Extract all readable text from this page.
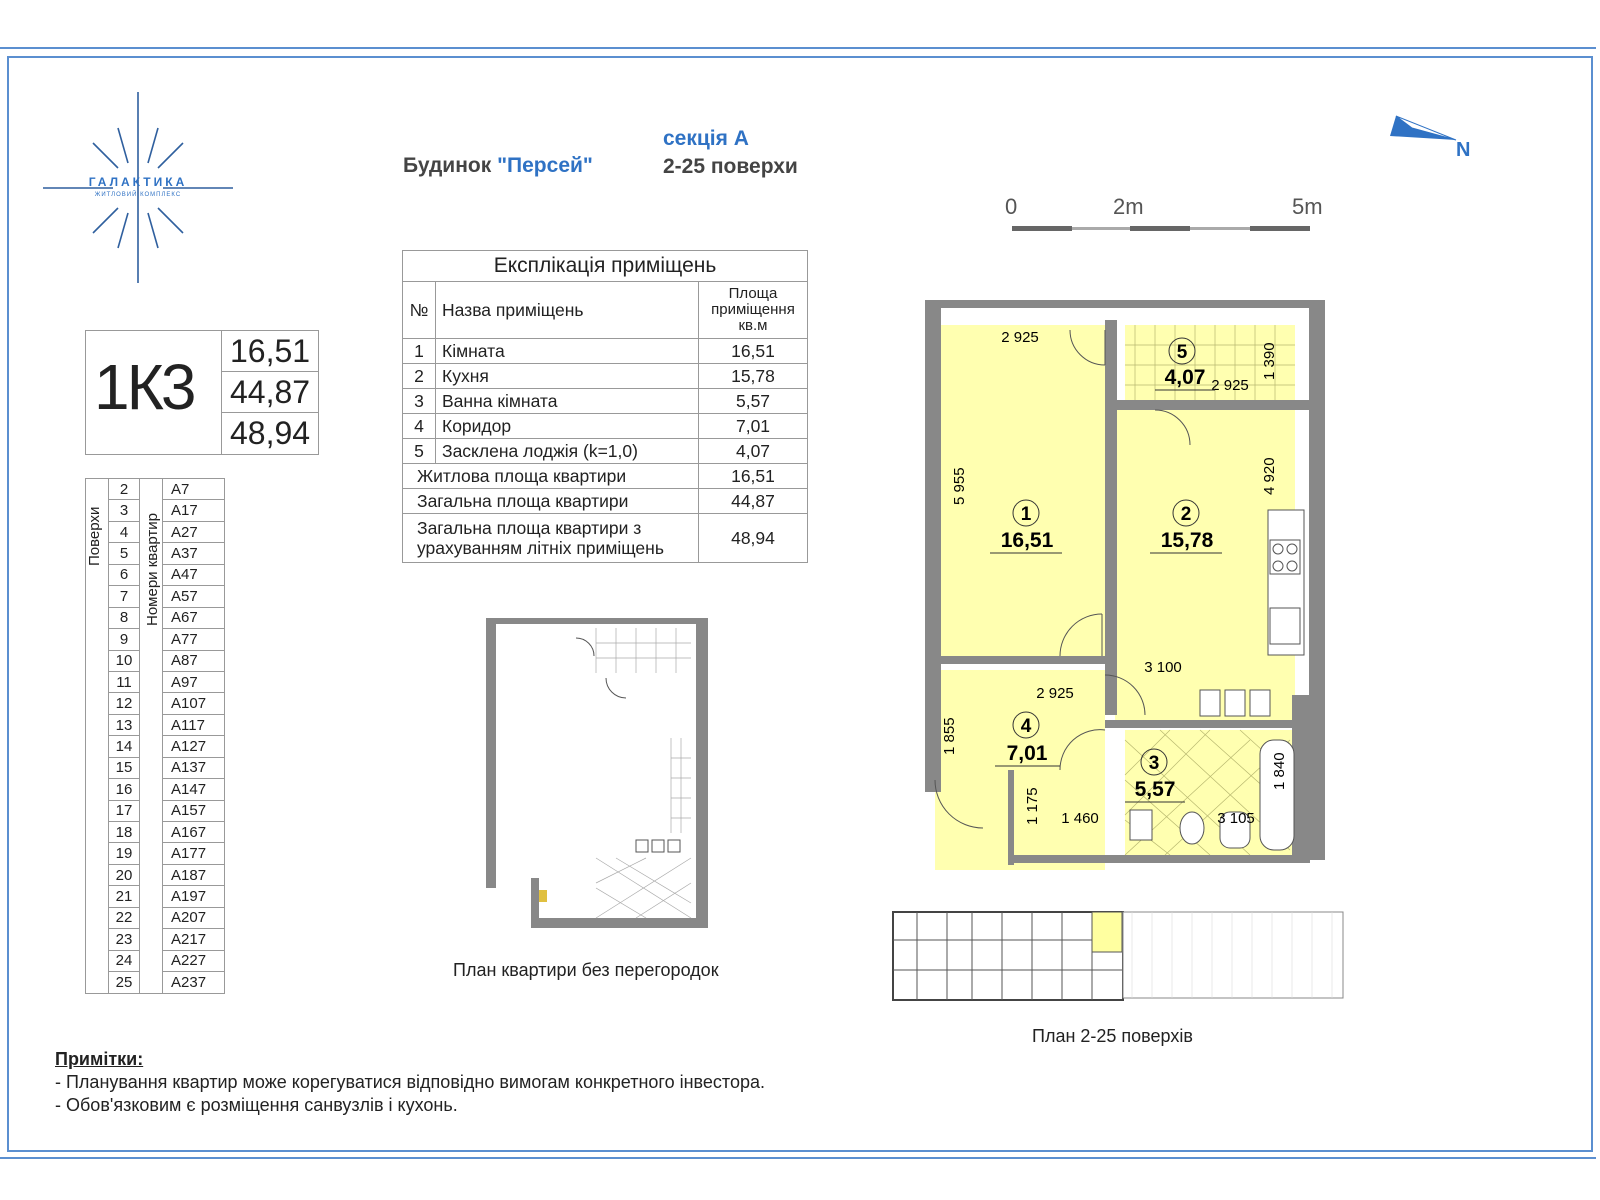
ГАЛАКТИКА
ЖИТЛОВИЙ КОМПЛЕКС
Будинок "Персей"
секція А
2-25 поверхи
N
0	2m	5m
1К3 16,51
44,87
48,94
Експлікація приміщень		
№	Назва приміщень	Площа приміщення кв.м
1	Кімната	16,51
2	Кухня	15,78
3	Ванна кімната	5,57
4	Коридор	7,01
5	Засклена лоджія (k=1,0)	4,07
Житлова площа квартири		16,51
Загальна площа квартири		44,87
Загальна площа квартири з урахуванням літніх приміщень		48,94
	2		A7
	3		A17
	4		A27
	5		A37
	6		A47
	7		A57
	8		A67
	9		A77
	10		A87
	11		A97
	12		A107
	13		A117
	14		A127
	15		A137
	16		A147
	17		A157
	18		A167
	19		A177
	20		A187
	21		A197
	22		A207
	23		A217
	24		A227
	25		A237
Поверхи	Номери квартир
2 925
5 955
2 925
1 390
4 920
3 100
2 925
1 855
1 175 1 460	3 105
1 840
1
16,51
2
15,78
3
5,57
4
7,01
5
4,07
План квартири без перегородок
План 2-25 поверхів
Примітки:
- Планування квартир може корегуватися відповідно вимогам конкретного інвестора.
- Обов'язковим є розміщення санвузлів і кухонь.
